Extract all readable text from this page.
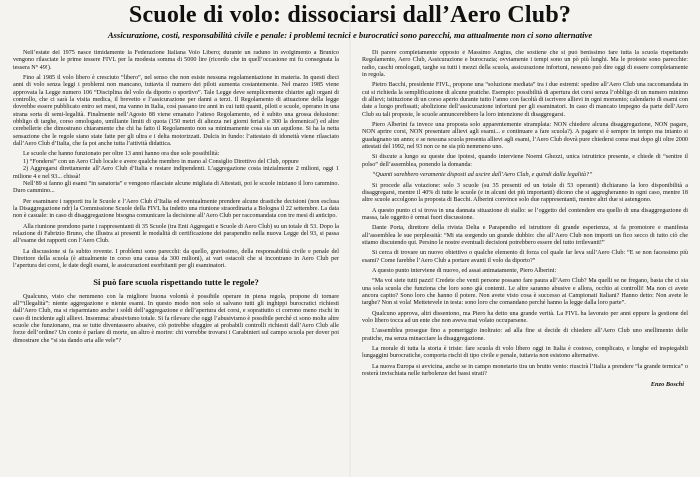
Scuole di volo: dissociarsi dall’Aero Club?
Assicurazione, costi, responsabilità civile e penale: i problemi tecnici e burocratici sono parecchi, ma attualmente non ci sono alternative

Nell’estate del 1975 nasce timidamente la Federazione Italiana Volo Libero; durante un raduno in svolgimento a Brunico vengono rilasciate le prime tessere FIVL per la modesta somma di 5000 lire (ricordo che in quell’occasione mi fu consegnata la tessera N° 49!).

Fino al 1985 il volo libero è cresciuto “libero”, nel senso che non esiste nessuna regolamentazione in materia. In questi dieci anni di volo senza leggi i problemi non mancano, tuttavia il numero dei piloti aumenta costantemente. Nel marzo 1985 viene approvata la Legge numero 106 “Disciplina del volo da diporto o sportivo”. Tale Legge deve semplicemente chiarire agli organi di controllo, che ci sarà la visita medica, il brevetto e l’assicurazione per danni a terzi. Il Regolamento di attuazione della legge dovrebbe essere pubblicato entro sei mesi, ma vanno in Italia, così passano tre anni in cui tutti quanti, piloti e scuole, operano in una strana sorta di semi-legalità. Finalmente nell’Agosto 88 viene emanato l’atteso Regolamento, ed è subito una grossa delusione: obbligo di targhe, corso omologato, umiliante limiti di quota (150 metri di altezza nei giorni feriali e 300 la domenica!) ed altre cerebellerie che dimostrano chiaramente che chi ha fatto il Regolamento non sa minimamente cosa sia un aquilone. Si ha la netta sensazione che le regole siano state fatte per gli ultra e i delta motorizzati. Dulcis in fundo: l’attestato di idoneità viene rilasciato dall’Aero Club d’Italia, che fa poi anche tutta l’attività didattica.

Le scuole che hanno funzionato per oltre 13 anni hanno ora due sole possibilità:

1) “Fondersi” con un Aero Club locale e avere qualche membro in mano al Consiglio Direttivo del Club, oppure

2) Aggregarsi direttamente all’Aero Club d’Italia e restare indipendenti. L’aggregazione costa inizialmente 2 milioni, oggi 1 milione 4 e nel 93... chissà!

Nell’89 si fanno gli esami “in sanatoria” e vengono rilasciate alcune migliaia di Attestati, poi le scuole iniziano il loro cammino. Duro cammino...

Per esaminare i rapporti tra le Scuole e l’Aero Club d’Italia ed eventualmente prendere alcune drastiche decisioni (non esclusa la Disaggregazione ndr) la Commissione Scuole della FIVL ha indetto una riunione straordinaria a Bologna il 22 settembre. La data non è casuale: in caso di disaggregazione bisogna comunicare la decisione all’Aero Club per raccomandata con tre mesi di anticipo.

Alla riunione prendono parte i rappresentanti di 35 Scuole (tra Enti Aggregati e Scuole di Aero Club) su un totale di 53. Dopo la relazione di Fabrizio Bruno, che illustra ai presenti le modalità di certificazione dei parapendio nella nuova Legge del 93, si passa all’esame dei rapporti con l’Aero Club.

La discussione si fa subito rovente. I problemi sono parecchi: da quello, gravissimo, della responsabilità civile e penale del Direttore della scuola (è attualmente in corso una causa da 300 milioni), ai vari ostacoli che si incontrano in Aero Club per l’apertura dei corsi, le date degli esami, le assicurazioni esorbitanti per gli esaminatori.

Si può fare scuola rispettando tutte le regole?

Qualcuno, visto che nemmeno con la migliore buona volontà è possibile operare in piena regola, propone di tornare all’“illegalità”: niente aggregazione e niente esami. In questo modo non solo si salvano tutti gli inghippi burocratici richiesti dall’Aero Club, ma si risparmiano anche i soldi dell’aggregazione e dell’apertura dei corsi, e soprattutto ci corrono meno rischi in caso di incidente agli allievi. Insomma: abusivismo totale. Si fa rilevare che oggi l’abusivismo è possibile perché ci sono molte altre scuole che funzionano, ma se tutte diventassero abusive, ciò potrebbe sfuggire ai probabili controlli richiesti dall’Aero Club alle forze dell’ordine? Un conto è parlare di morte, un altro è morire: chi vorrebbe trovarsi i Carabinieri sul campo scuola per dover poi dimostrare che “si sta dando aria alle vele”?

Di parere completamente opposto è Massimo Angius, che sostiene che si può benissimo fare tutta la scuola rispettando Regolamento, Aero Club, Assicurazione e burocrazia; ovviamente i tempi sono un pò più lunghi. Ma le proteste sono parecchie: radio, caschi omologati, targhe su tutti i mezzi della scuola, assicurazione infortuni, nessuno può dire oggi di essere completamente in regola.

Pietro Bacchi, presidente FIVL, propone una “soluzione mediata” tra i due estremi: spedire all’Aero Club una raccomandata in cui si richieda la semplificazione di alcune pratiche. Esempio: possibilità di apertura dei corsi senza l’obbligo di un numero minimo di allievi; istituzione di un corso aperto durante tutto l’anno con facoltà di iscrivere allievi in ogni momento; calendario di esami con date a luogo prefissati; abolizione dell’assicurazione infortuni per gli esaminatori. In caso di mancato impegno da parte dell’Aero Club su tali proposte, le scuole annuncerebbero la loro intenzione di disaggregarsi.

Piero Alberini fa invece una proposta solo apparentemente stramplata: NON chiedere alcuna disaggregazione, NON pagare, NON aprire corsi, NON presentare allievi agli esami... e continuare a fare scuola?). A pagare si è sempre in tempo ma intanto si guadagnano un anno; e se nessuna scuola presenta allievi agli esami, l’Aero Club dovrà pure chiedersi come mai dopo gli oltre 2000 attestati del 1992, nel 93 non ce ne sia più nemmeno uno.

Si discute a lungo su queste due ipotesi, quando interviene Noemi Ghezzi, unica istruttrice presente, e chiede di “sentire il polso” dell’assemblea, ponendo la domanda:

“Quanti sarebbero veramente disposti ad uscire dall’Aero Club, e quindi dalla legalità?”

Si procede alla votazione: solo 3 scuole (su 35 presenti ed un totale di 53 operanti) dichiarano la loro disponibilità a disaggregarsi, mentre il 40% di tutte le scuole (e in alcuni dei più importanti) dicono che si aggregheranno in ogni caso, mentre 18 altre scuole accolgono la proposta di Bacchi. Alberini convince solo due rappresentanti, mentre altri due si astengono.

A questo punto ci si trova in una dannata situazione di stallo: se l’oggetto del contendere era quello di una disaggregazione di massa, tale oggetto è ormai fuori discussione.

Dante Porta, direttore della rivista Delta e Parapendio ed istruttore di grande esperienza, si fa promotore e manifesta all’assemblea le sue perplessità: “Mi sta sorgendo un grande dubbio: che all’Aero Club non importi un fico secco di tutto ciò che stiamo discutendo qui. Persino le nostre eventuali decisioni potrebbero essere del tutto irrilevanti!”

Si cerca di trovare un nuovo obiettivo o qualche elemento di forza col quale far leva sull’Aero Club: “E se non facessimo più esami? Come farebbe l’Aero Club a portare avanti il volo da diporto?”

A questo punto interviene di nuovo, ed assai animatamente, Piero Alberini:

“Ma voi siete tutti pazzi! Credete che venti persone possano fare paura all’Aero Club? Ma quelli se ne fregano, basta che ci sia una sola scuola che funziona che loro sono già contenti. Le altre saranno abusive e allora, occhio ai controlli! Ma non ci avete ancora capito? Sono loro che hanno il potere. Non avete visto cosa è successo ai Campionati Italiani? Hanno detto: Non avete le targhe? Non si vola! Mettetevele in testa: sono loro che comandano perché hanno la legge dalla loro parte”.

Qualcuno approva, altri dissentono, ma Piero ha detto una grande verità. La FIVL ha lavorato per anni eppure la gestione del volo libero tocca ad un ente che non aveva mai volato occuparsene.

L’assemblea prosegue fino a pomeriggio inoltrato: ad alla fine si decide di chiedere all’Aero Club uno snellimento delle pratiche, ma senza minacciare la disaggregazione.

La morale di tutta la storia è triste: fare scuola di volo libero oggi in Italia è costoso, complicato, e lunghe ed inspiegabili lungaggini burocratiche, comporta rischi di tipo civile e penale, tuttavia non esistono alternative.

La nuova Europa si avvicina, anche se in campo monetario tira un brutto vento: riuscirà l’Italia a prendere “la grande termica” o resterà invischiata nelle turbolenze dei bassi strati?

Enzo Boschi
